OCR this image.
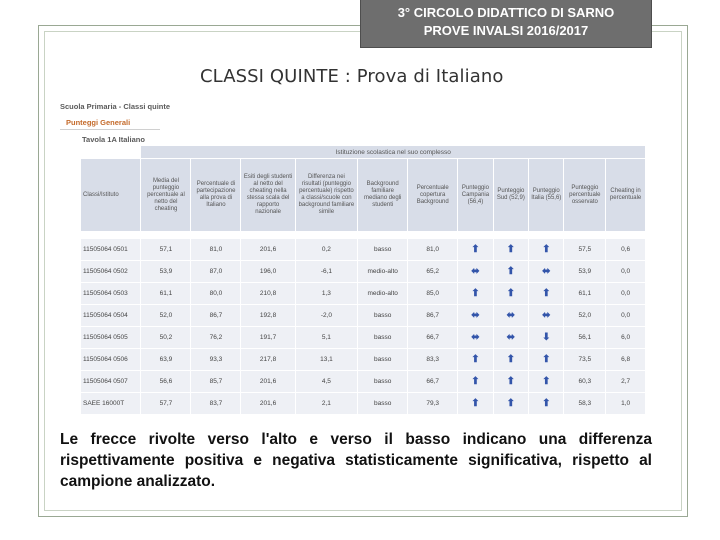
3° CIRCOLO DIDATTICO DI SARNO
PROVE INVALSI 2016/2017
CLASSI QUINTE : Prova di Italiano
Scuola Primaria - Classi quinte
Punteggi Generali
Tavola 1A Italiano
	Istituzione scolastica nel suo complesso										
Classi/Istituto	Media del punteggio percentuale al netto del cheating	Percentuale di partecipazione alla prova di Italiano	Esiti degli studenti al netto del cheating nella stessa scala del rapporto nazionale	Differenza nei risultati (punteggio percentuale) rispetto a classi/scuole con background familiare simile	Background familiare mediano degli studenti	Percentuale copertura Background	Punteggio Campania (56,4)	Punteggio Sud (52,9)	Punteggio Italia (55,6)	Punteggio percentuale osservato	Cheating in percentuale

11505064 0501	57,1	81,0	201,6	0,2	basso	81,0	⬆	⬆	⬆	57,5	0,6
11505064 0502	53,9	87,0	196,0	-6,1	medio-alto	65,2	⬌	⬆	⬌	53,9	0,0
11505064 0503	61,1	80,0	210,8	1,3	medio-alto	85,0	⬆	⬆	⬆	61,1	0,0
11505064 0504	52,0	86,7	192,8	-2,0	basso	86,7	⬌	⬌	⬌	52,0	0,0
11505064 0505	50,2	76,2	191,7	5,1	basso	66,7	⬌	⬌	⬇	56,1	6,0
11505064 0506	63,9	93,3	217,8	13,1	basso	83,3	⬆	⬆	⬆	73,5	6,8
11505064 0507	56,6	85,7	201,6	4,5	basso	66,7	⬆	⬆	⬆	60,3	2,7
SAEE 16000T	57,7	83,7	201,6	2,1	basso	79,3	⬆	⬆	⬆	58,3	1,0
Le frecce rivolte verso l'alto e verso il basso indicano una differenza rispettivamente positiva e negativa statisticamente significativa, rispetto al campione analizzato.
